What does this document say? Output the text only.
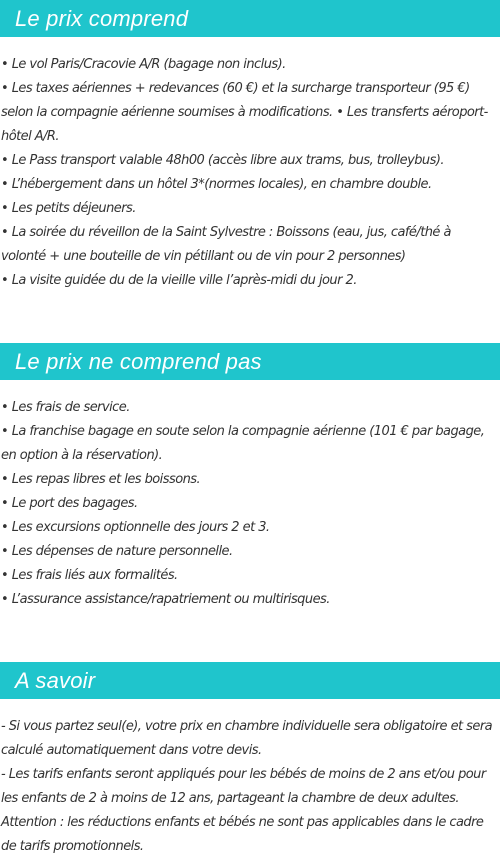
Le prix comprend
• Le vol Paris/Cracovie A/R (bagage non inclus).
• Les taxes aériennes + redevances (60 €) et la surcharge transporteur (95 €) selon la compagnie aérienne soumises à modifications. • Les transferts aéroport-hôtel A/R.
• Le Pass transport valable 48h00 (accès libre aux trams, bus, trolleybus).
• L’hébergement dans un hôtel 3*(normes locales), en chambre double.
• Les petits déjeuners.
• La soirée du réveillon de la Saint Sylvestre : Boissons (eau, jus, café/thé à volonté + une bouteille de vin pétillant ou de vin pour 2 personnes)
• La visite guidée du de la vieille ville l’après-midi du jour 2.
Le prix ne comprend pas
• Les frais de service.
• La franchise bagage en soute selon la compagnie aérienne (101 € par bagage, en option à la réservation).
• Les repas libres et les boissons.
• Le port des bagages.
• Les excursions optionnelle des jours 2 et 3.
• Les dépenses de nature personnelle.
• Les frais liés aux formalités.
• L’assurance assistance/rapatriement ou multirisques.
A savoir

- Si vous partez seul(e), votre prix en chambre individuelle sera obligatoire et sera calculé automatiquement dans votre devis.

- Les tarifs enfants seront appliqués pour les bébés de moins de 2 ans et/ou pour les enfants de 2 à moins de 12 ans, partageant la chambre de deux adultes.

Attention : les réductions enfants et bébés ne sont pas applicables dans le cadre de tarifs promotionnels.
